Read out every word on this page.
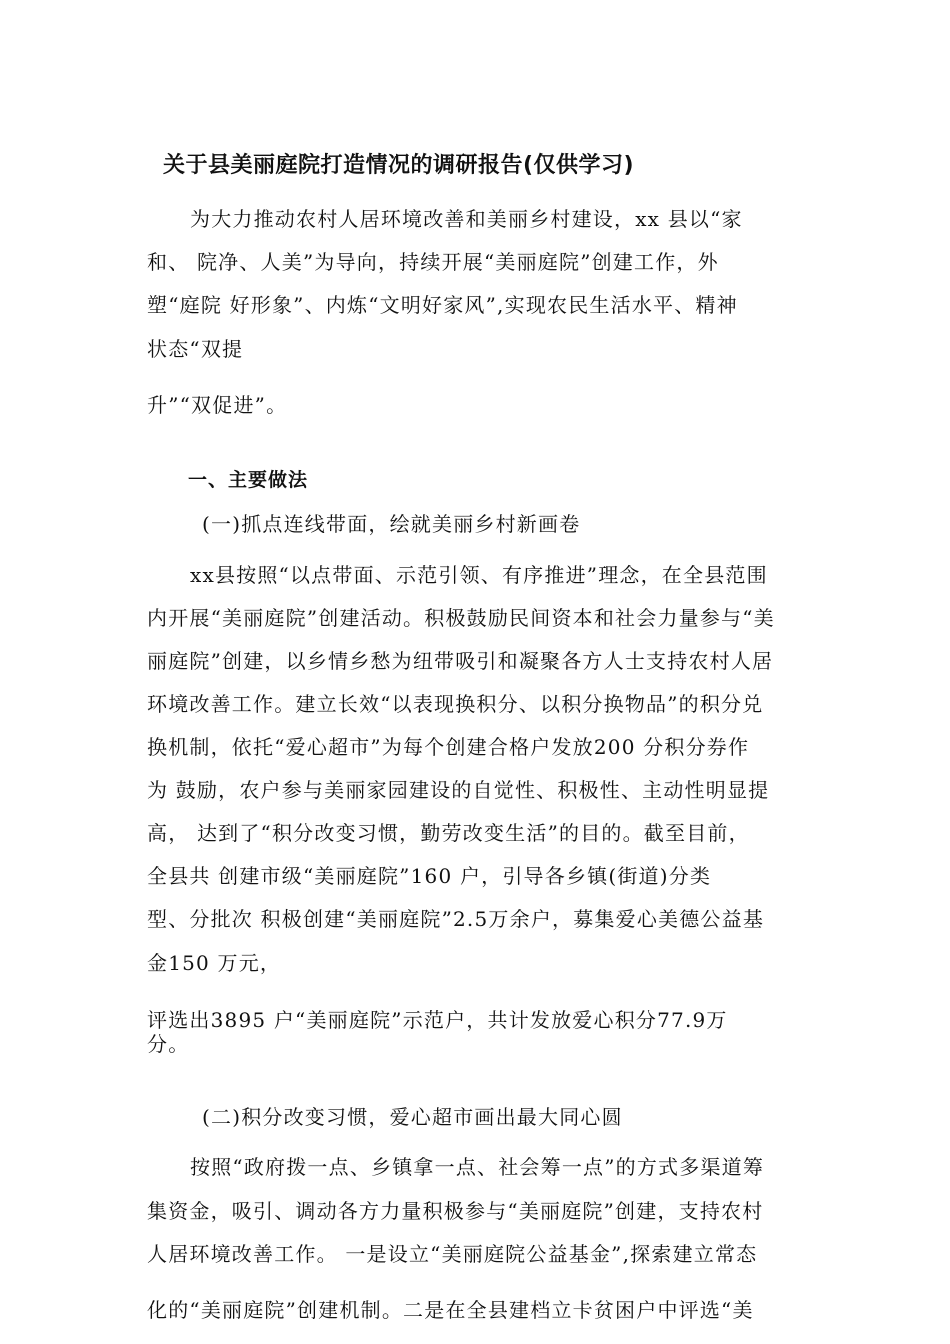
关于县美丽庭院打造情况的调研报告(仅供学习)
为大力推动农村人居环境改善和美丽乡村建设，xx 县以“家
和、 院净、人美”为导向，持续开展“美丽庭院”创建工作，外
塑“庭院 好形象”、内炼“文明好家风”,实现农民生活水平、精神
状态“双提
升”“双促进”。
一、主要做法
(一)抓点连线带面，绘就美丽乡村新画卷
xx县按照“以点带面、示范引领、有序推进”理念，在全县范围
内开展“美丽庭院”创建活动。积极鼓励民间资本和社会力量参与“美
丽庭院”创建，以乡情乡愁为纽带吸引和凝聚各方人士支持农村人居
环境改善工作。建立长效“以表现换积分、以积分换物品”的积分兑
换机制，依托“爱心超市”为每个创建合格户发放200 分积分券作
为 鼓励，农户参与美丽家园建设的自觉性、积极性、主动性明显提
高， 达到了“积分改变习惯，勤劳改变生活”的目的。截至目前，
全县共 创建市级“美丽庭院”160 户，引导各乡镇(街道)分类
型、分批次 积极创建“美丽庭院”2.5万余户，募集爱心美德公益基
金150 万元，
评选出3895 户“美丽庭院”示范户，共计发放爱心积分77.9万
分。
(二)积分改变习惯，爱心超市画出最大同心圆
按照“政府拨一点、乡镇拿一点、社会筹一点”的方式多渠道筹
集资金，吸引、调动各方力量积极参与“美丽庭院”创建，支持农村
人居环境改善工作。 一是设立“美丽庭院公益基金”,探索建立常态
化的“美丽庭院”创建机制。二是在全县建档立卡贫困户中评选“美
